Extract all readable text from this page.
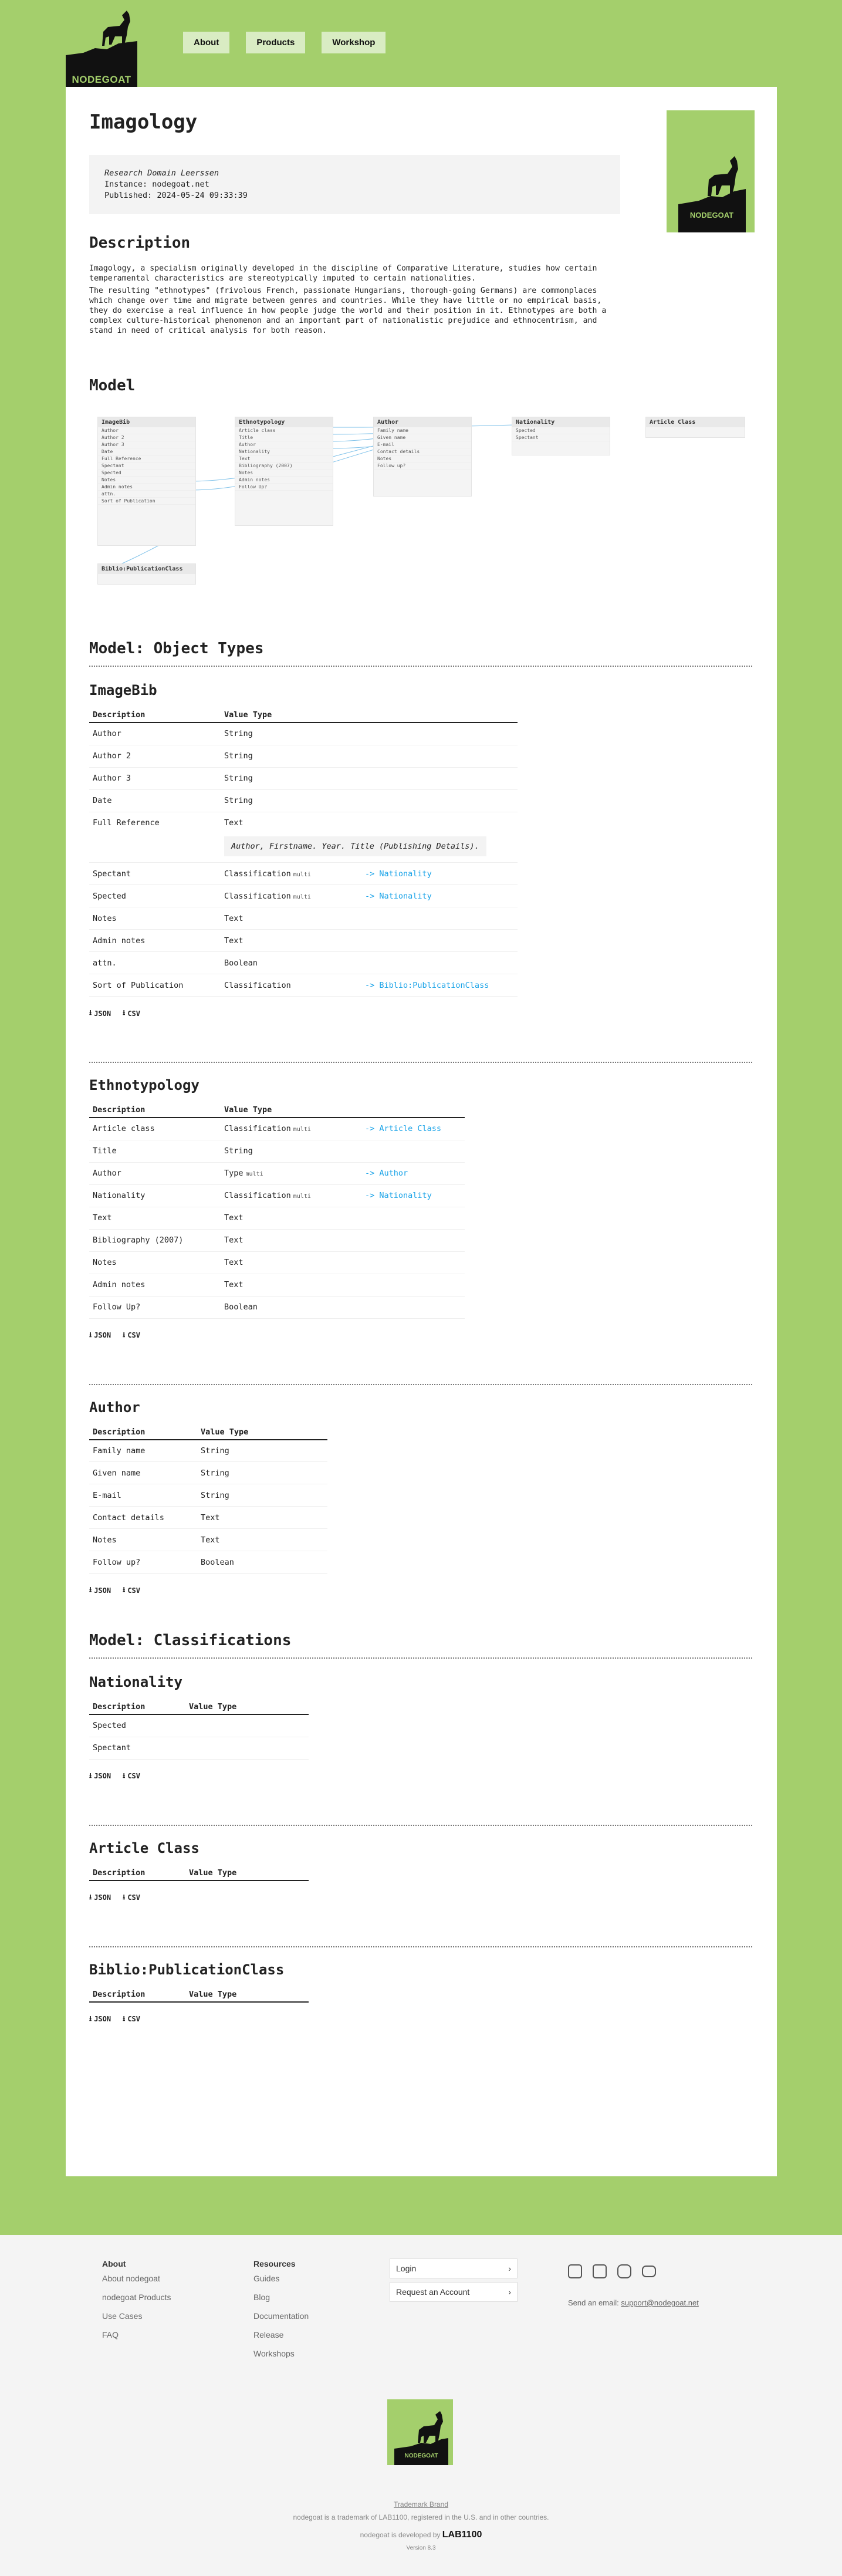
NODEGOAT
About	Products	Workshop
Imagology
Research Domain Leerssen
Instance: nodegoat.net
Published: 2024-05-24 09:33:39
NODEGOAT
Description

Imagology, a specialism originally developed in the discipline of Comparative Literature, studies how certain temperamental characteristics are stereotypically imputed to certain nationalities.

The resulting "ethnotypes" (frivolous French, passionate Hungarians, thorough-going Germans) are commonplaces which change over time and migrate between genres and countries. While they have little or no empirical basis, they do exercise a real influence in how people judge the world and their position in it. Ethnotypes are both a complex culture-historical phenomenon and an important part of nationalistic prejudice and ethnocentrism, and stand in need of critical analysis for both reason.

Model
ImageBib
Author
Author 2
Author 3
Date
Full Reference
Spectant
Spected
Notes
Admin notes
attn.
Sort of Publication
Ethnotypology
Article class
Title
Author
Nationality
Text
Bibliography (2007)
Notes
Admin notes
Follow Up?
Author
Family name
Given name
E-mail
Contact details
Notes
Follow up?
Nationality
Spected
Spectant
Article Class
Biblio:PublicationClass
Model: Object Types
ImageBib
Description	Value Type	
Author	String	
Author 2	String	
Author 3	String	
Date	String	
Full Reference	Text	
	Author, Firstname. Year. Title (Publishing Details).	
Spectant	Classification multi	-> Nationality
Spected	Classification multi	-> Nationality
Notes	Text	
Admin notes	Text	
attn.	Boolean	
Sort of Publication	Classification	-> Biblio:PublicationClass
⭳ JSON ⭳ CSV
Ethnotypology
Description	Value Type	
Article class	Classification multi	-> Article Class
Title	String	
Author	Type multi	-> Author
Nationality	Classification multi	-> Nationality
Text	Text	
Bibliography (2007)	Text	
Notes	Text	
Admin notes	Text	
Follow Up?	Boolean	
⭳ JSON ⭳ CSV
Author
Description	Value Type	
Family name	String	
Given name	String	
E-mail	String	
Contact details	Text	
Notes	Text	
Follow up?	Boolean	
⭳ JSON ⭳ CSV
Model: Classifications
Nationality
Description	Value Type
Spected	
Spectant	
⭳ JSON ⭳ CSV
Article Class
Description	Value Type
⭳ JSON ⭳ CSV
Biblio:PublicationClass
Description	Value Type
⭳ JSON ⭳ CSV
About
About nodegoat
nodegoat Products
Use Cases
FAQ
Resources
Guides
Blog
Documentation
Release
Workshops
Login	›
Request an Account	›
Send an email: support@nodegoat.net
NODEGOAT
Trademark Brand
nodegoat is a trademark of LAB1100, registered in the U.S. and in other countries.
nodegoat is developed by LAB1100
Version 8.3
